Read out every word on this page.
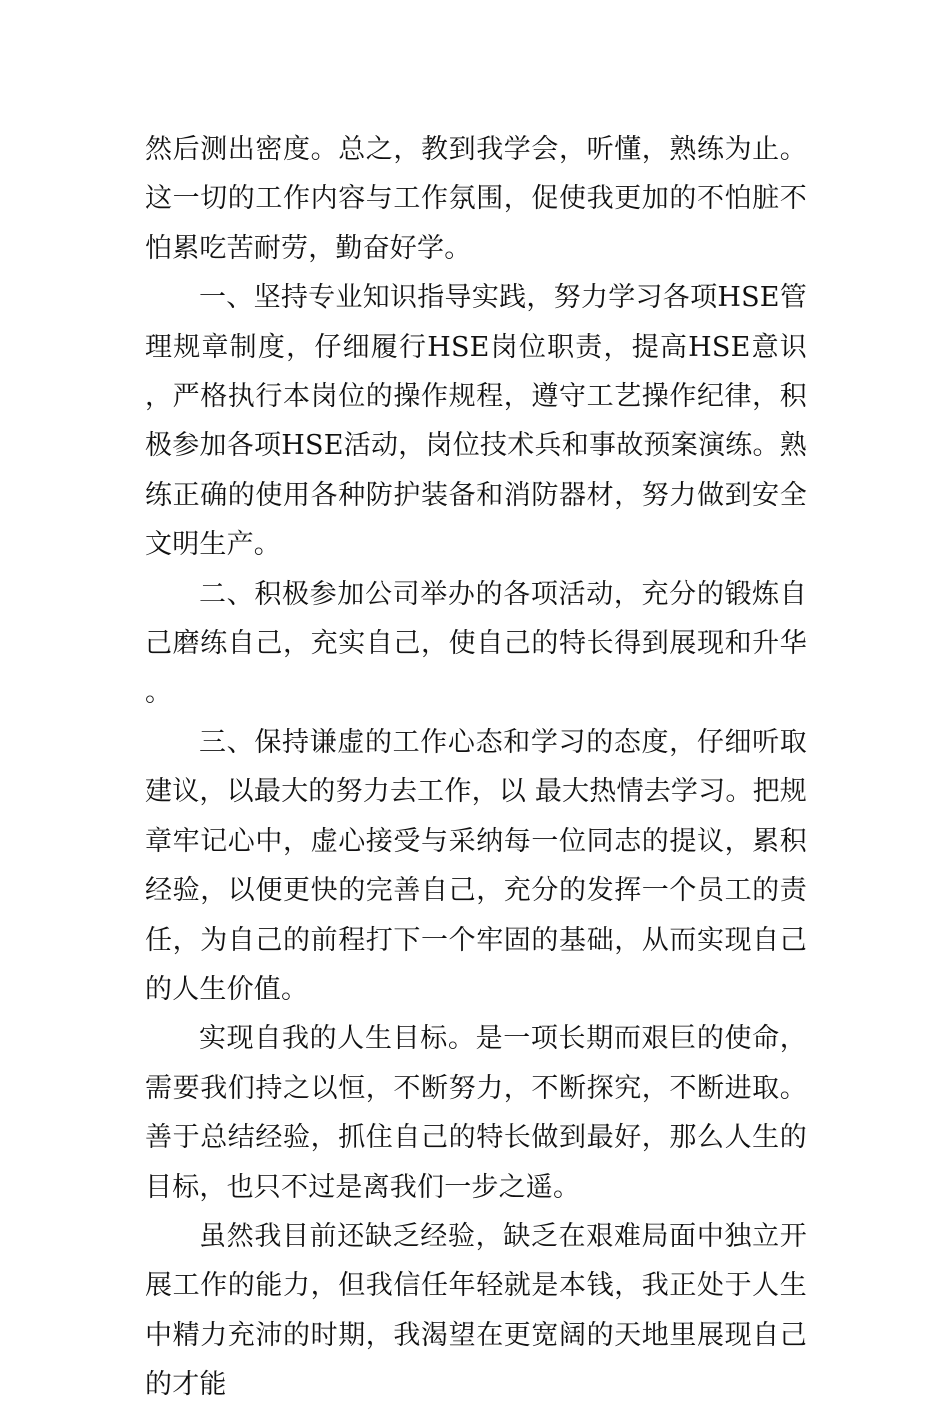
然后测出密度。总之，教到我学会，听懂，熟练为止。这一切的工作内容与工作氛围，促使我更加的不怕脏不怕累吃苦耐劳，勤奋好学。

一、坚持专业知识指导实践，努力学习各项HSE管理规章制度，仔细履行HSE岗位职责，提高HSE意识，严格执行本岗位的操作规程，遵守工艺操作纪律，积极参加各项HSE活动，岗位技术兵和事故预案演练。熟练正确的使用各种防护装备和消防器材，努力做到安全文明生产。

二、积极参加公司举办的各项活动，充分的锻炼自己磨练自己，充实自己，使自己的特长得到展现和升华。

三、保持谦虚的工作心态和学习的态度，仔细听取建议，以最大的努力去工作，以 最大热情去学习。把规章牢记心中，虚心接受与采纳每一位同志的提议，累积经验，以便更快的完善自己，充分的发挥一个员工的责任，为自己的前程打下一个牢固的基础，从而实现自己的人生价值。

实现自我的人生目标。是一项长期而艰巨的使命，需要我们持之以恒，不断努力，不断探究，不断进取。善于总结经验，抓住自己的特长做到最好，那么人生的目标，也只不过是离我们一步之遥。

虽然我目前还缺乏经验，缺乏在艰难局面中独立开展工作的能力，但我信任年轻就是本钱，我正处于人生中精力充沛的时期，我渴望在更宽阔的天地里展现自己的才能
